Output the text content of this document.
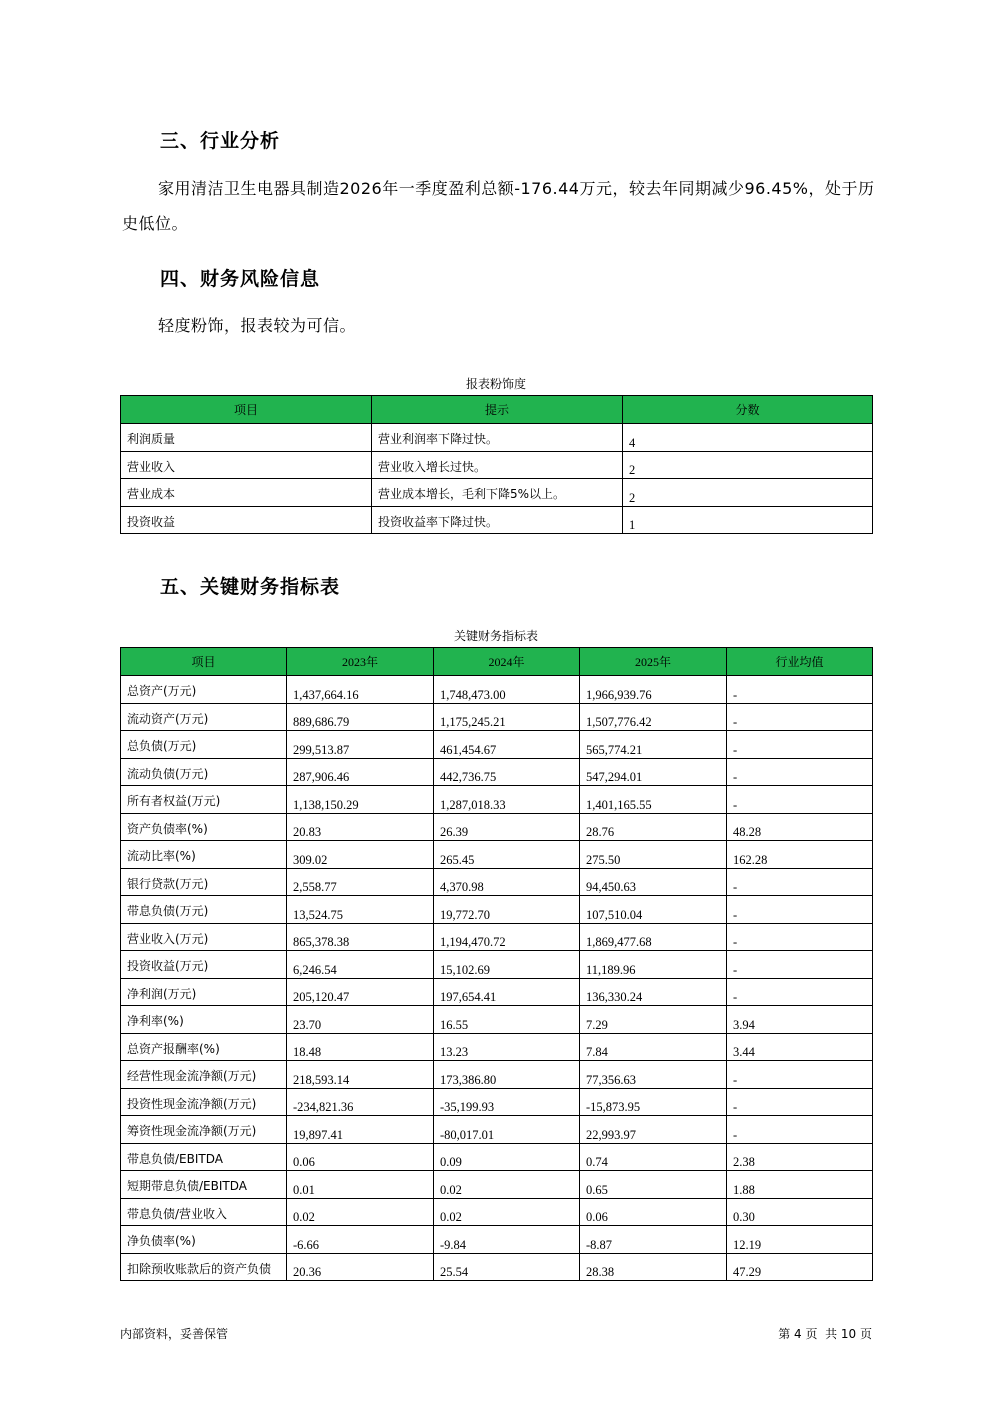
三、行业分析
家用清洁卫生电器具制造2026年一季度盈利总额-176.44万元，较去年同期减少96.45%，处于历史低位。
四、财务风险信息
轻度粉饰，报表较为可信。
报表粉饰度
项目	提示	分数

利润质量	营业利润率下降过快。	4

营业收入	营业收入增长过快。	2

营业成本	营业成本增长，毛利下降5%以上。	2

投资收益	投资收益率下降过快。	1
五、关键财务指标表
关键财务指标表
项目	2023年	2024年	2025年	行业均值

总资产(万元)	1,437,664.16	1,748,473.00	1,966,939.76	-

流动资产(万元)	889,686.79	1,175,245.21	1,507,776.42	-

总负债(万元)	299,513.87	461,454.67	565,774.21	-

流动负债(万元)	287,906.46	442,736.75	547,294.01	-

所有者权益(万元)	1,138,150.29	1,287,018.33	1,401,165.55	-

资产负债率(%)	20.83	26.39	28.76	48.28

流动比率(%)	309.02	265.45	275.50	162.28

银行贷款(万元)	2,558.77	4,370.98	94,450.63	-

带息负债(万元)	13,524.75	19,772.70	107,510.04	-

营业收入(万元)	865,378.38	1,194,470.72	1,869,477.68	-

投资收益(万元)	6,246.54	15,102.69	11,189.96	-

净利润(万元)	205,120.47	197,654.41	136,330.24	-

净利率(%)	23.70	16.55	7.29	3.94

总资产报酬率(%)	18.48	13.23	7.84	3.44

经营性现金流净额(万元)	218,593.14	173,386.80	77,356.63	-

投资性现金流净额(万元)	-234,821.36	-35,199.93	-15,873.95	-

筹资性现金流净额(万元)	19,897.41	-80,017.01	22,993.97	-

带息负债/EBITDA	0.06	0.09	0.74	2.38

短期带息负债/EBITDA	0.01	0.02	0.65	1.88

带息负债/营业收入	0.02	0.02	0.06	0.30

净负债率(%)	-6.66	-9.84	-8.87	12.19

扣除预收账款后的资产负债	20.36	25.54	28.38	47.29
内部资料，妥善保管	第 4 页  共 10 页
